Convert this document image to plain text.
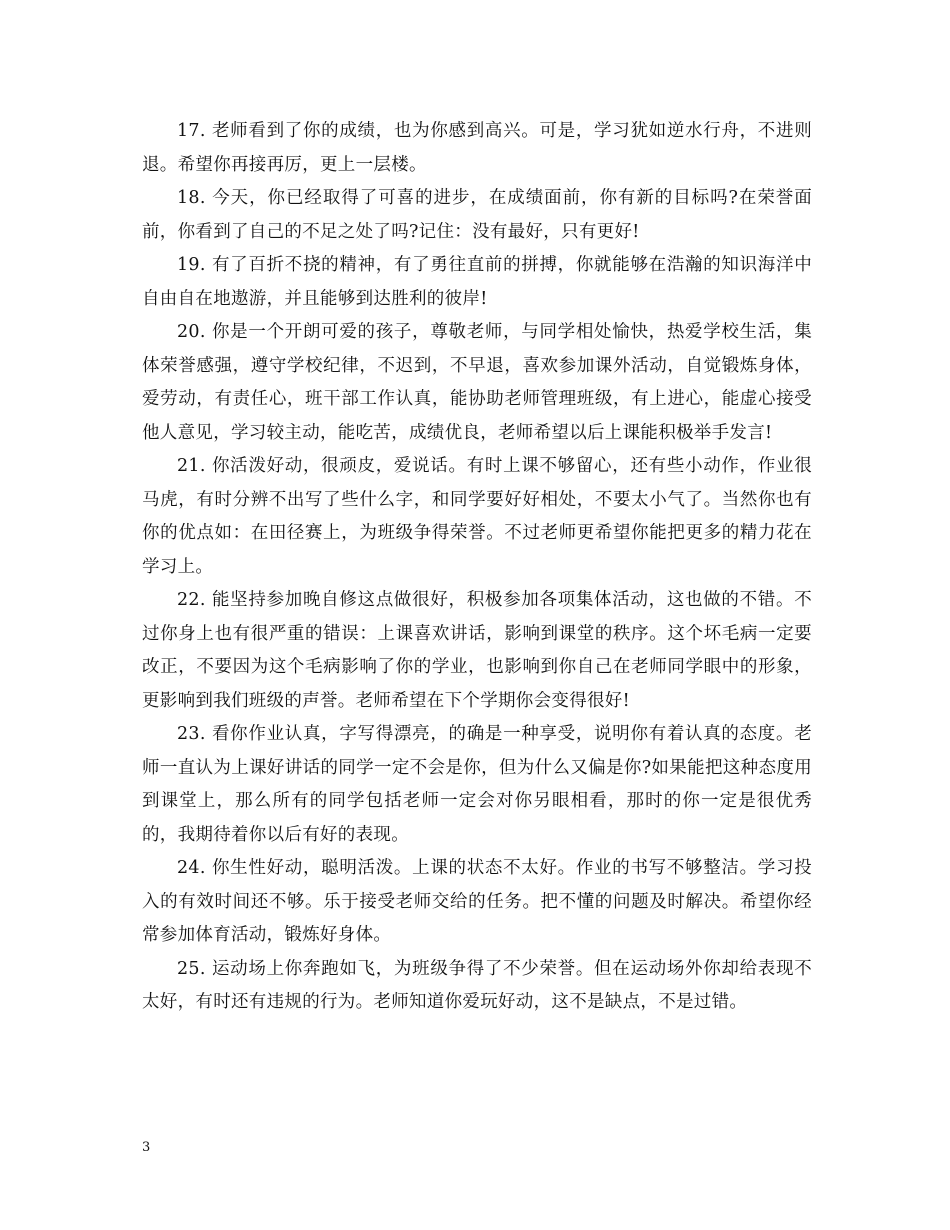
17. 老师看到了你的成绩，也为你感到高兴。可是，学习犹如逆水行舟，不进则退。希望你再接再厉，更上一层楼。

18. 今天，你已经取得了可喜的进步，在成绩面前，你有新的目标吗?在荣誉面前，你看到了自己的不足之处了吗?记住：没有最好，只有更好!

19. 有了百折不挠的精神，有了勇往直前的拼搏，你就能够在浩瀚的知识海洋中自由自在地遨游，并且能够到达胜利的彼岸!

20. 你是一个开朗可爱的孩子，尊敬老师，与同学相处愉快，热爱学校生活，集体荣誉感强，遵守学校纪律，不迟到，不早退，喜欢参加课外活动，自觉锻炼身体，爱劳动，有责任心，班干部工作认真，能协助老师管理班级，有上进心，能虚心接受他人意见，学习较主动，能吃苦，成绩优良，老师希望以后上课能积极举手发言!

21. 你活泼好动，很顽皮，爱说话。有时上课不够留心，还有些小动作，作业很马虎，有时分辨不出写了些什么字，和同学要好好相处，不要太小气了。当然你也有你的优点如：在田径赛上，为班级争得荣誉。不过老师更希望你能把更多的精力花在学习上。

22. 能坚持参加晚自修这点做很好，积极参加各项集体活动，这也做的不错。不过你身上也有很严重的错误：上课喜欢讲话，影响到课堂的秩序。这个坏毛病一定要改正，不要因为这个毛病影响了你的学业，也影响到你自己在老师同学眼中的形象，更影响到我们班级的声誉。老师希望在下个学期你会变得很好!

23. 看你作业认真，字写得漂亮，的确是一种享受，说明你有着认真的态度。老师一直认为上课好讲话的同学一定不会是你，但为什么又偏是你?如果能把这种态度用到课堂上，那么所有的同学包括老师一定会对你另眼相看，那时的你一定是很优秀的，我期待着你以后有好的表现。

24. 你生性好动，聪明活泼。上课的状态不太好。作业的书写不够整洁。学习投入的有效时间还不够。乐于接受老师交给的任务。把不懂的问题及时解决。希望你经常参加体育活动，锻炼好身体。

25. 运动场上你奔跑如飞，为班级争得了不少荣誉。但在运动场外你却给表现不太好，有时还有违规的行为。老师知道你爱玩好动，这不是缺点，不是过错。

3
